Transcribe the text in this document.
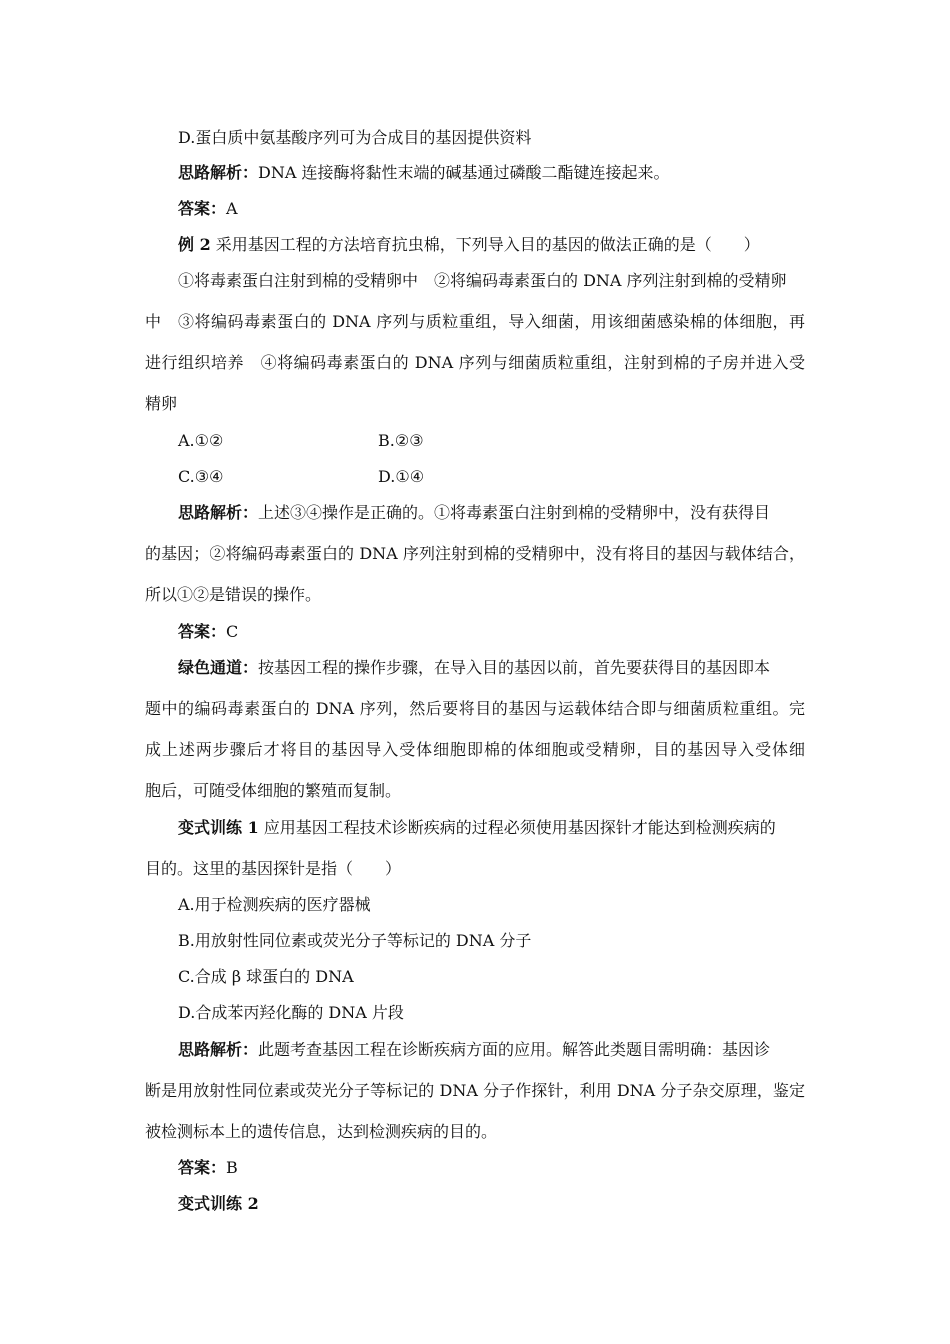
D.蛋白质中氨基酸序列可为合成目的基因提供资料
思路解析：DNA 连接酶将黏性末端的碱基通过磷酸二酯键连接起来。
答案：A
例 2 采用基因工程的方法培育抗虫棉，下列导入目的基因的做法正确的是（　　）
①将毒素蛋白注射到棉的受精卵中　②将编码毒素蛋白的 DNA 序列注射到棉的受精卵
中　③将编码毒素蛋白的 DNA 序列与质粒重组，导入细菌，用该细菌感染棉的体细胞，再
进行组织培养　④将编码毒素蛋白的 DNA 序列与细菌质粒重组，注射到棉的子房并进入受
精卵
A.①②	B.②③
C.③④	D.①④
思路解析：上述③④操作是正确的。①将毒素蛋白注射到棉的受精卵中，没有获得目
的基因；②将编码毒素蛋白的 DNA 序列注射到棉的受精卵中，没有将目的基因与载体结合，
所以①②是错误的操作。
答案：C
绿色通道：按基因工程的操作步骤，在导入目的基因以前，首先要获得目的基因即本
题中的编码毒素蛋白的 DNA 序列，然后要将目的基因与运载体结合即与细菌质粒重组。完
成上述两步骤后才将目的基因导入受体细胞即棉的体细胞或受精卵，目的基因导入受体细
胞后，可随受体细胞的繁殖而复制。
变式训练 1 应用基因工程技术诊断疾病的过程必须使用基因探针才能达到检测疾病的
目的。这里的基因探针是指（　　）
A.用于检测疾病的医疗器械
B.用放射性同位素或荧光分子等标记的 DNA 分子
C.合成 β 球蛋白的 DNA
D.合成苯丙羟化酶的 DNA 片段
思路解析：此题考查基因工程在诊断疾病方面的应用。解答此类题目需明确：基因诊
断是用放射性同位素或荧光分子等标记的 DNA 分子作探针，利用 DNA 分子杂交原理，鉴定
被检测标本上的遗传信息，达到检测疾病的目的。
答案：B
变式训练 2
